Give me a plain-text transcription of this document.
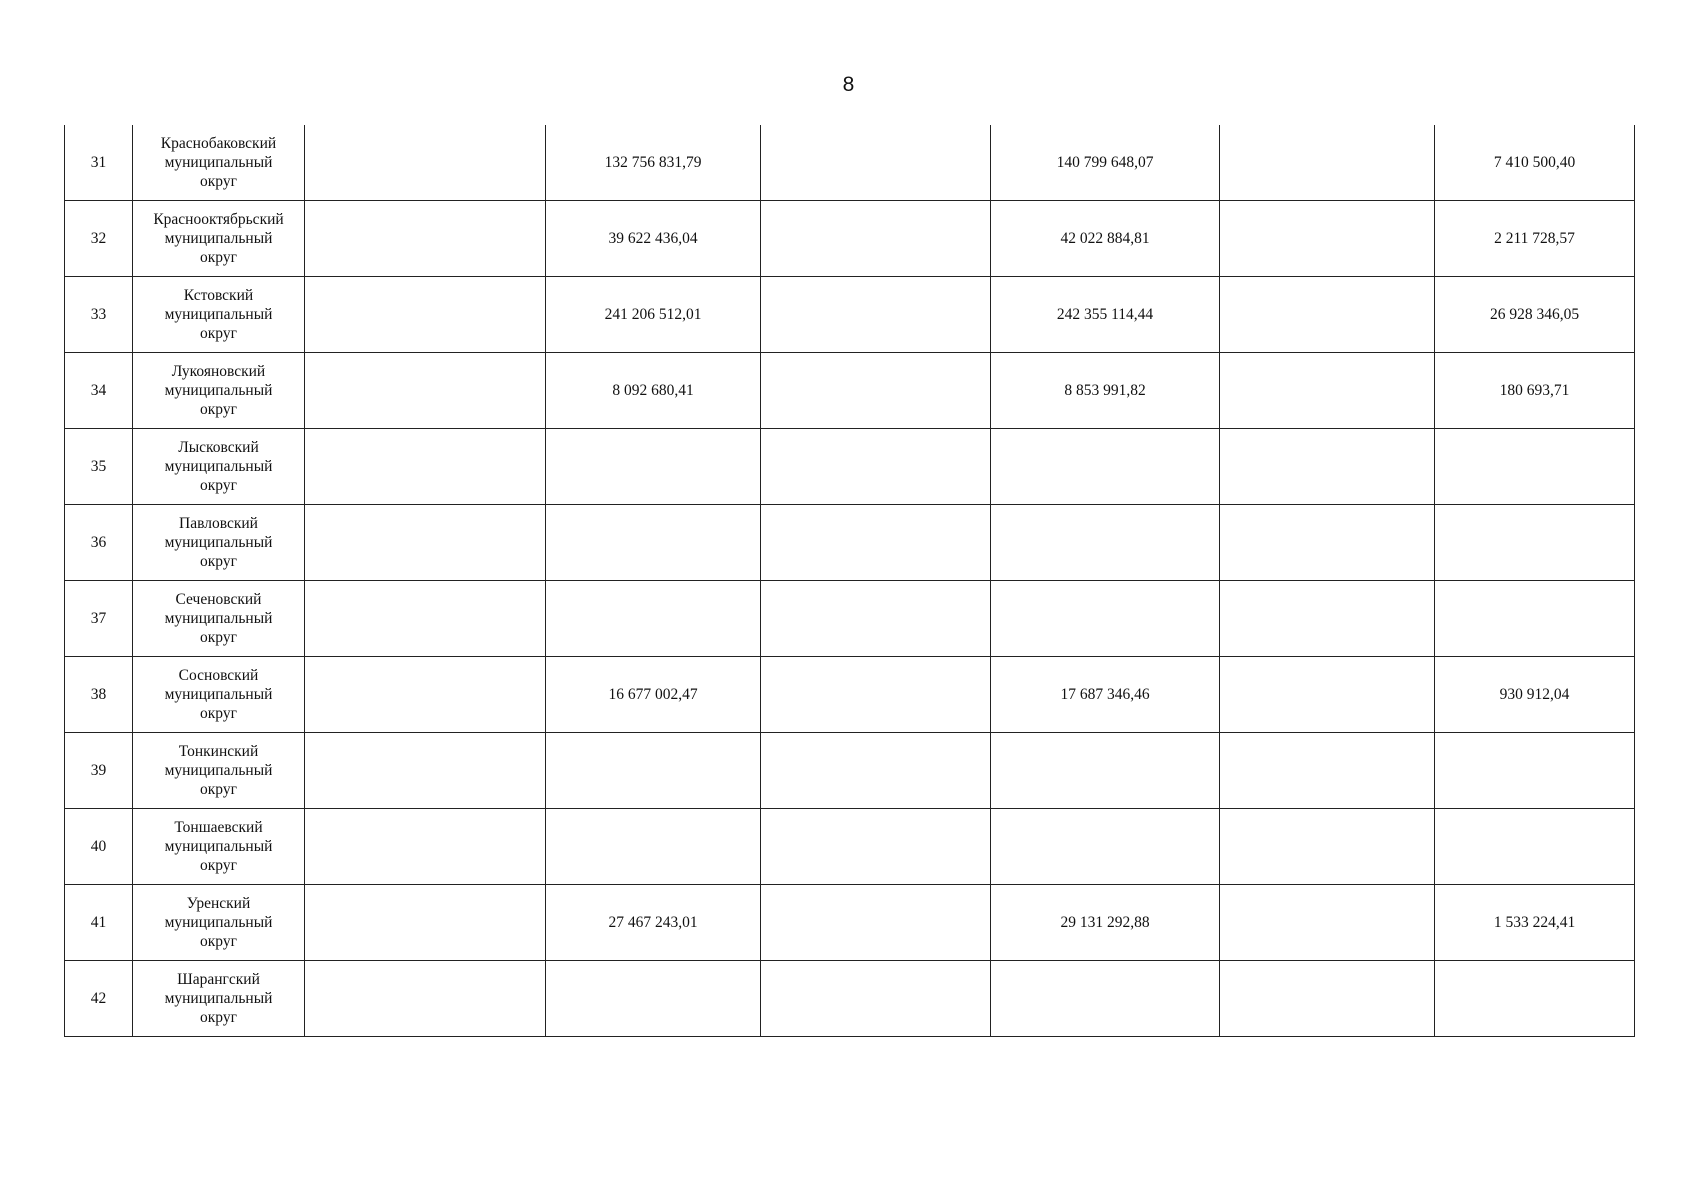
8
31	Краснобаковский
муниципальный
округ		132 756 831,79		140 799 648,07		7 410 500,40
32	Краснооктябрьский
муниципальный
округ		39 622 436,04		42 022 884,81		2 211 728,57
33	Кстовский
муниципальный
округ		241 206 512,01		242 355 114,44		26 928 346,05
34	Лукояновский
муниципальный
округ		8 092 680,41		8 853 991,82		180 693,71
35	Лысковский
муниципальный
округ						
36	Павловский
муниципальный
округ						
37	Сеченовский
муниципальный
округ						
38	Сосновский
муниципальный
округ		16 677 002,47		17 687 346,46		930 912,04
39	Тонкинский
муниципальный
округ						
40	Тоншаевский
муниципальный
округ						
41	Уренский
муниципальный
округ		27 467 243,01		29 131 292,88		1 533 224,41
42	Шарангский
муниципальный
округ						
